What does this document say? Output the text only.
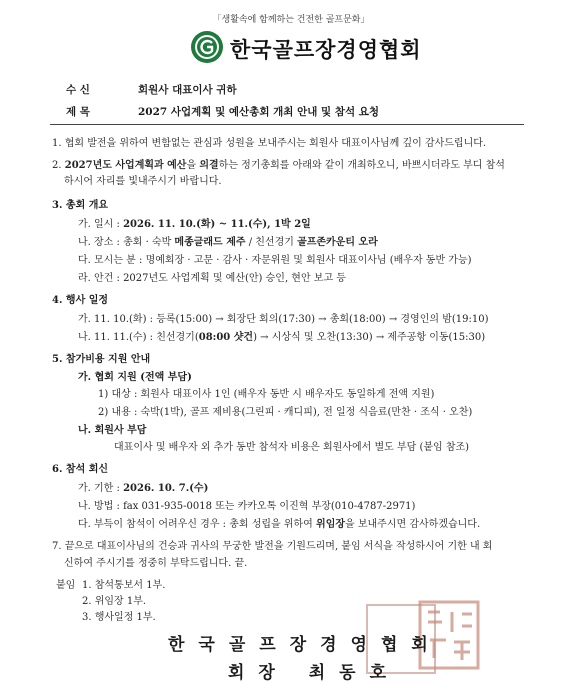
「생활속에 함께하는 건전한 골프문화」
한국골프장경영협회
수 신	회원사 대표이사 귀하
제 목	2027 사업계획 및 예산총회 개최 안내 및 참석 요청
1. 협회 발전을 위하여 변함없는 관심과 성원을 보내주시는 회원사 대표이사님께 깊이 감사드립니다.
2. 2027년도 사업계획과 예산을 의결하는 정기총회를 아래와 같이 개최하오니, 바쁘시더라도 부디 참석
하시어 자리를 빛내주시기 바랍니다.
3. 총회 개요
가. 일시 : 2026. 11. 10.(화) ~ 11.(수), 1박 2일
나. 장소 : 총회 · 숙박 메종글래드 제주 / 친선경기 골프존카운티 오라
다. 모시는 분 : 명예회장 · 고문 · 감사 · 자문위원 및 회원사 대표이사님 (배우자 동반 가능)
라. 안건 : 2027년도 사업계획 및 예산(안) 승인, 현안 보고 등
4. 행사 일정
가. 11. 10.(화) : 등록(15:00) → 회장단 회의(17:30) → 총회(18:00) → 경영인의 밤(19:10)
나. 11. 11.(수) : 친선경기(08:00 샷건) → 시상식 및 오찬(13:30) → 제주공항 이동(15:30)
5. 참가비용 지원 안내
가. 협회 지원 (전액 부담)
1) 대상 : 회원사 대표이사 1인 (배우자 동반 시 배우자도 동일하게 전액 지원)
2) 내용 : 숙박(1박), 골프 제비용(그린피 · 캐디피), 전 일정 식음료(만찬 · 조식 · 오찬)
나. 회원사 부담
대표이사 및 배우자 외 추가 동반 참석자 비용은 회원사에서 별도 부담 (붙임 참조)
6. 참석 회신
가. 기한 : 2026. 10. 7.(수)
나. 방법 : fax 031-935-0018 또는 카카오톡 이진혁 부장(010-4787-2971)
다. 부득이 참석이 어려우신 경우 : 총회 성립을 위하여 위임장을 보내주시면 감사하겠습니다.
7. 끝으로 대표이사님의 건승과 귀사의 무궁한 발전을 기원드리며, 붙임 서식을 작성하시어 기한 내 회
신하여 주시기를 정중히 부탁드립니다. 끝.
붙임 1. 참석통보서 1부.
2. 위임장 1부.
3. 행사일정 1부.
한국골프장경영협회
회장 최동호
